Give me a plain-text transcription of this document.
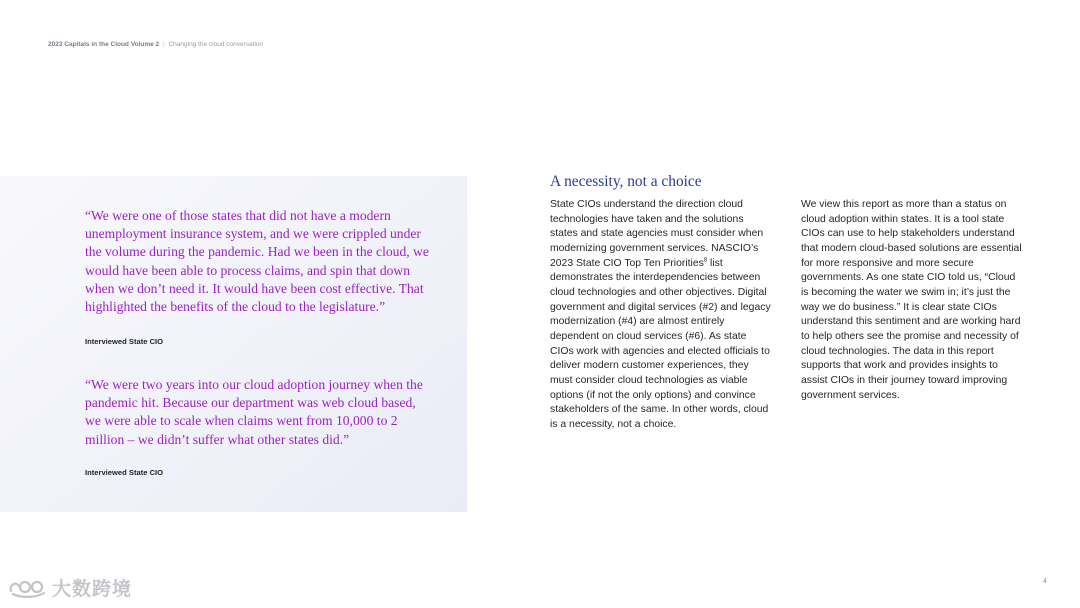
2023 Capitals in the Cloud Volume 2 | Changing the cloud conversation
“We were one of those states that did not have a modern unemployment insurance system, and we were crippled under the volume during the pandemic. Had we been in the cloud, we would have been able to process claims, and spin that down when we don’t need it. It would have been cost effective. That highlighted the benefits of the cloud to the legislature.”
Interviewed State CIO
“We were two years into our cloud adoption journey when the pandemic hit. Because our department was web cloud based, we were able to scale when claims went from 10,000 to 2 million – we didn’t suffer what other states did.”
Interviewed State CIO
A necessity, not a choice
State CIOs understand the direction cloud technologies have taken and the solutions states and state agencies must consider when modernizing government services. NASCIO’s 2023 State CIO Top Ten Priorities$^8$ list demonstrates the interdependencies between cloud technologies and other objectives. Digital government and digital services (#2) and legacy modernization (#4) are almost entirely dependent on cloud services (#6). As state CIOs work with agencies and elected officials to deliver modern customer experiences, they must consider cloud technologies as viable options (if not the only options) and convince stakeholders of the same. In other words, cloud is a necessity, not a choice.
We view this report as more than a status on cloud adoption within states. It is a tool state CIOs can use to help stakeholders understand that modern cloud-based solutions are essential for more responsive and more secure governments. As one state CIO told us, “Cloud is becoming the water we swim in; it’s just the way we do business.” It is clear state CIOs understand this sentiment and are working hard to help others see the promise and necessity of cloud technologies. The data in this report supports that work and provides insights to assist CIOs in their journey toward improving government services.
4
大数跨境
